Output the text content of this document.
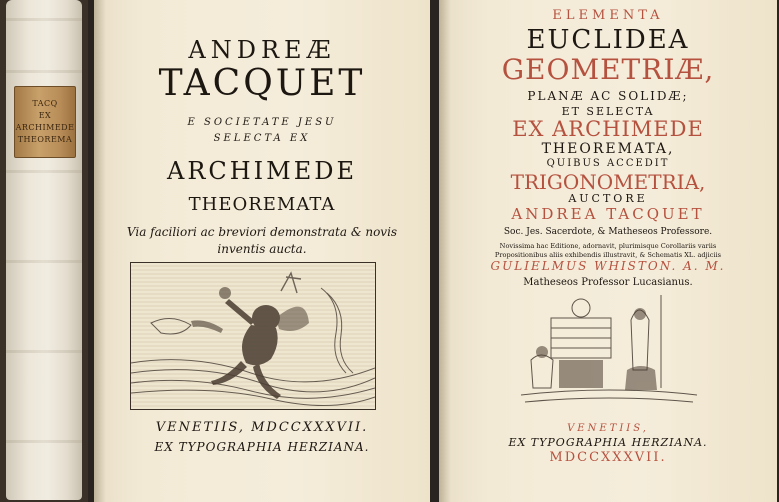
TACQ
EX
ARCHIMEDE
THEOREMA
ANDREÆ
TACQUET
E SOCIETATE JESU
SELECTA EX
ARCHIMEDE
THEOREMATA
Via faciliori ac breviori demonstrata & novis
inventis aucta.
VENETIIS, MDCCXXXVII.
EX TYPOGRAPHIA HERZIANA.
ELEMENTA
EUCLIDEA
GEOMETRIÆ,
PLANÆ AC SOLIDÆ;
ET SELECTA
EX ARCHIMEDE
THEOREMATA,
QUIBUS ACCEDIT
TRIGONOMETRIA,
AUCTORE
ANDREA TACQUET
Soc. Jes. Sacerdote, & Matheseos Professore.
Novissima hac Editione, adornavit, plurimisque Corollariis variis
Propositionibus aliis exhibendis illustravit, & Schematis XL. adjiciis
GULIELMUS WHISTON. A. M.
Matheseos Professor Lucasianus.
VENETIIS,
EX TYPOGRAPHIA HERZIANA.
MDCCXXXVII.
